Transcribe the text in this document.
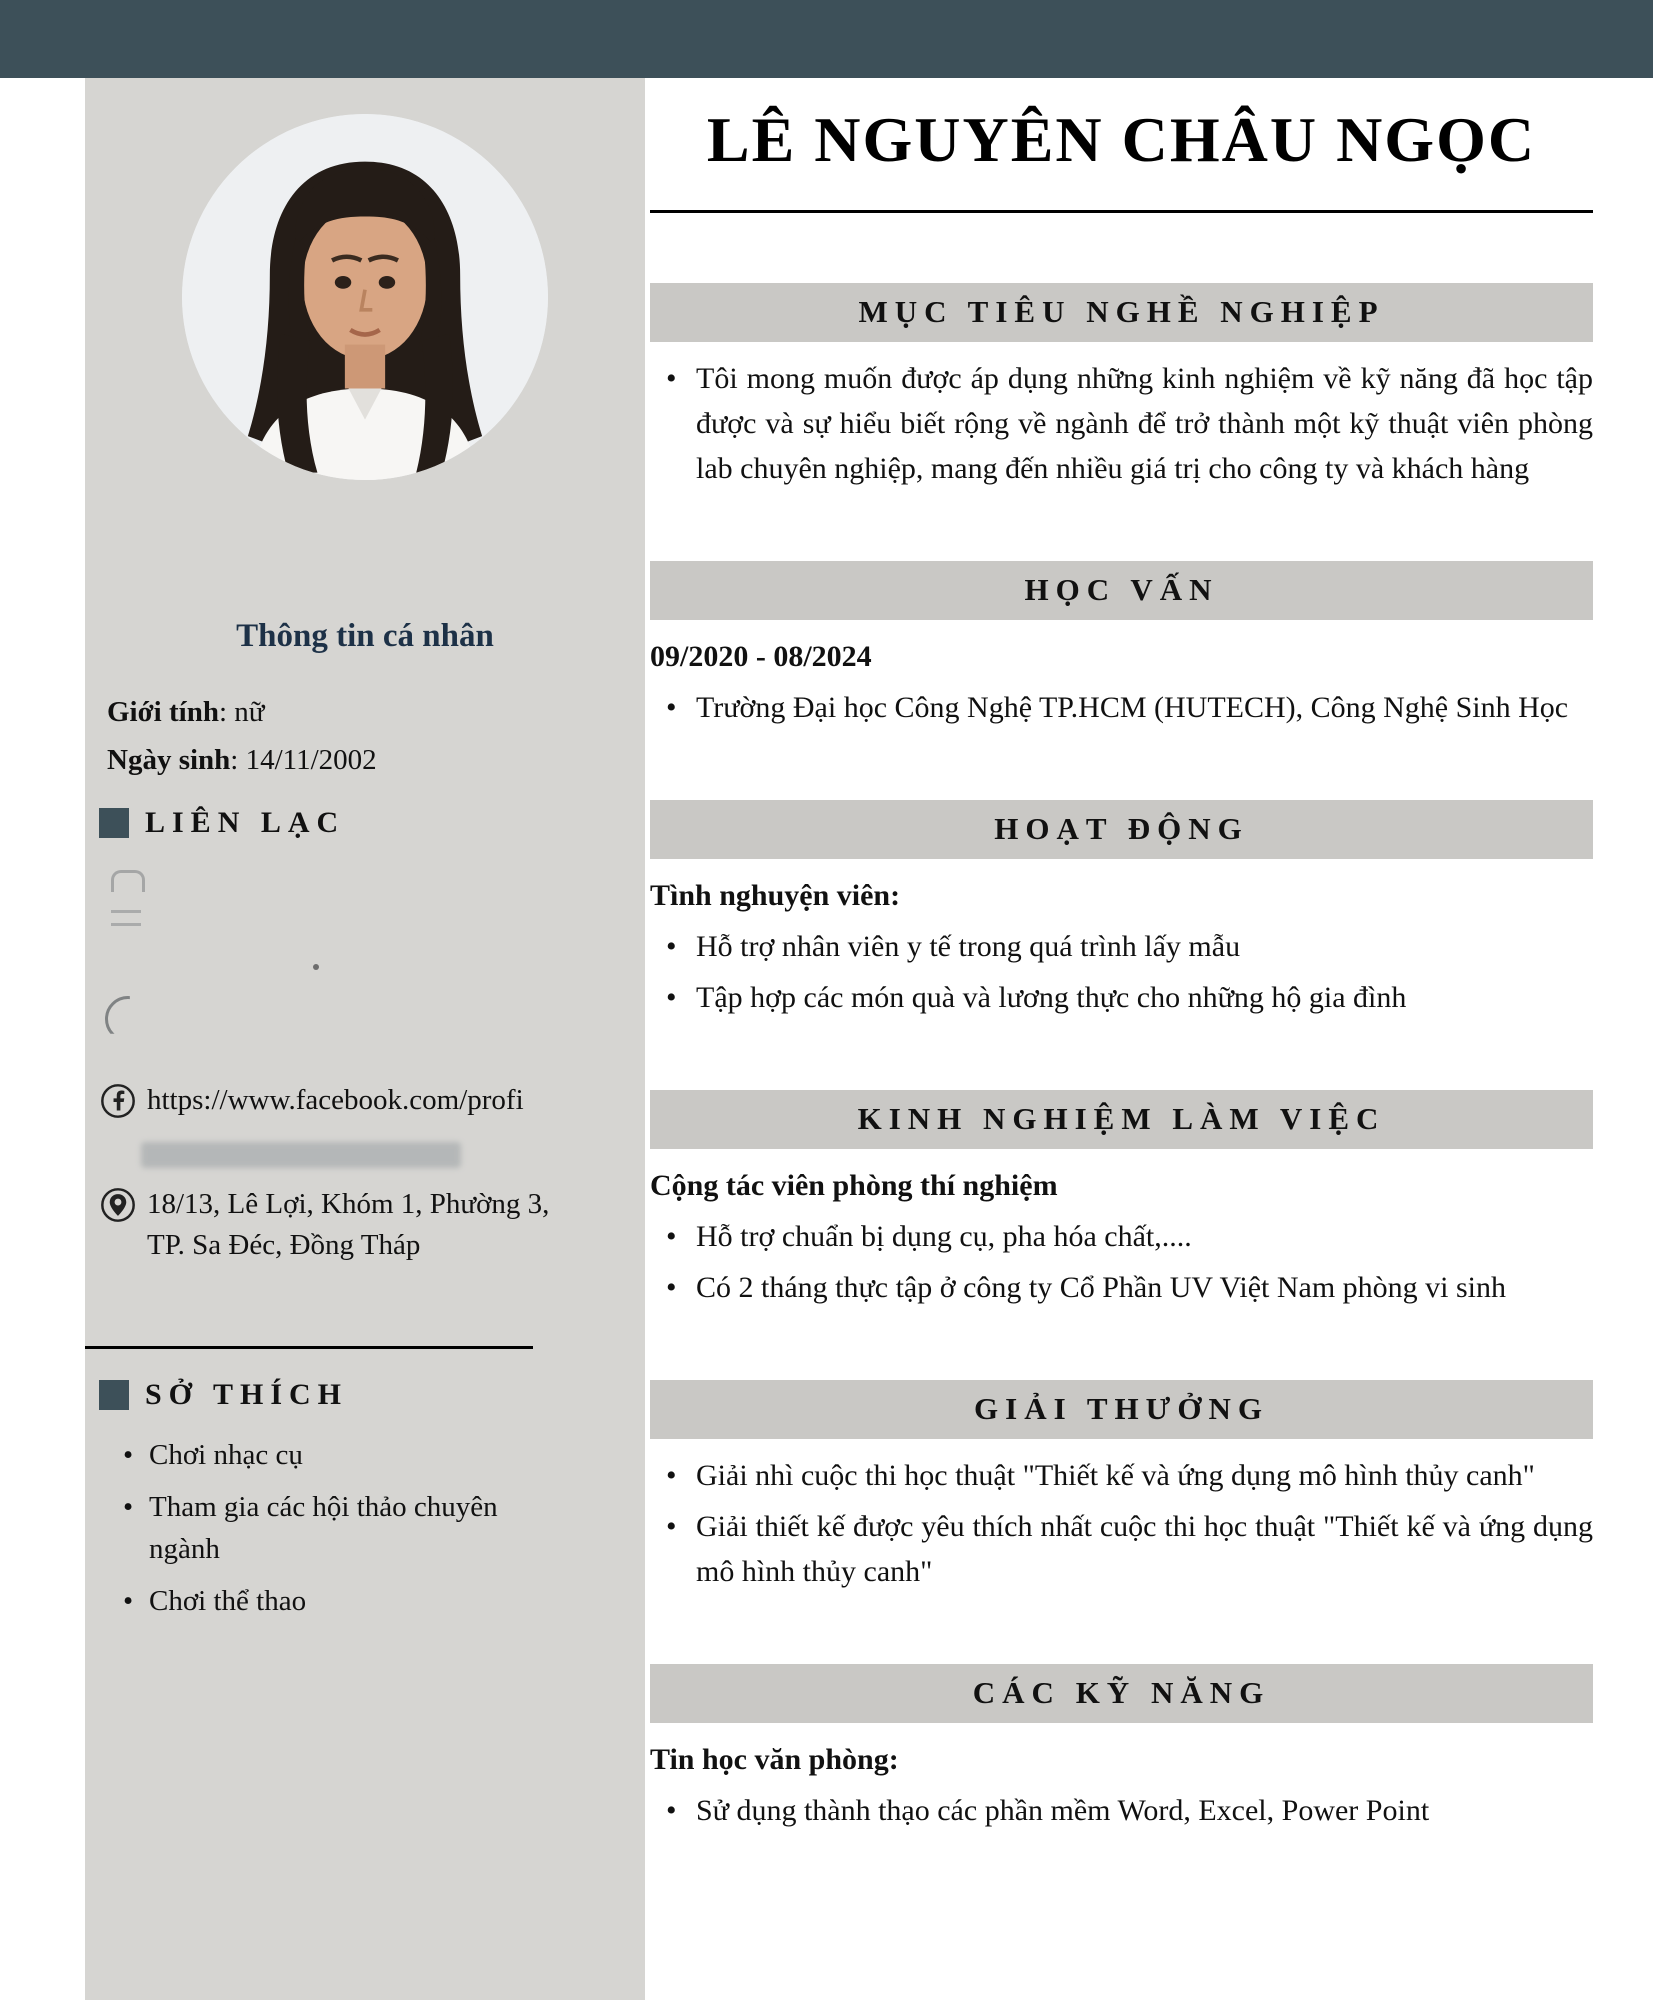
Thông tin cá nhân
Giới tính: nữ
Ngày sinh: 14/11/2002
LIÊN LẠC
https://www.facebook.com/profi
18/13, Lê Lợi, Khóm 1, Phường 3, TP. Sa Đéc, Đồng Tháp
SỞ THÍCH
• Chơi nhạc cụ
• Tham gia các hội thảo chuyên ngành
• Chơi thể thao
LÊ NGUYÊN CHÂU NGỌC
MỤC TIÊU NGHỀ NGHIỆP
• Tôi mong muốn được áp dụng những kinh nghiệm về kỹ năng đã học tập được và sự hiểu biết rộng về ngành để trở thành một kỹ thuật viên phòng lab chuyên nghiệp, mang đến nhiều giá trị cho công ty và khách hàng
HỌC VẤN
09/2020 - 08/2024
• Trường Đại học Công Nghệ TP.HCM (HUTECH), Công Nghệ Sinh Học
HOẠT ĐỘNG
Tình nghuyện viên:
• Hỗ trợ nhân viên y tế trong quá trình lấy mẫu
• Tập hợp các món quà và lương thực cho những hộ gia đình
KINH NGHIỆM LÀM VIỆC
Cộng tác viên phòng thí nghiệm
• Hỗ trợ chuẩn bị dụng cụ, pha hóa chất,....
• Có 2 tháng thực tập ở công ty Cổ Phần UV Việt Nam phòng vi sinh
GIẢI THƯỞNG
• Giải nhì cuộc thi học thuật "Thiết kế và ứng dụng mô hình thủy canh"
• Giải thiết kế được yêu thích nhất cuộc thi học thuật "Thiết kế và ứng dụng mô hình thủy canh"
CÁC KỸ NĂNG
Tin học văn phòng:
• Sử dụng thành thạo các phần mềm Word, Excel, Power Point
